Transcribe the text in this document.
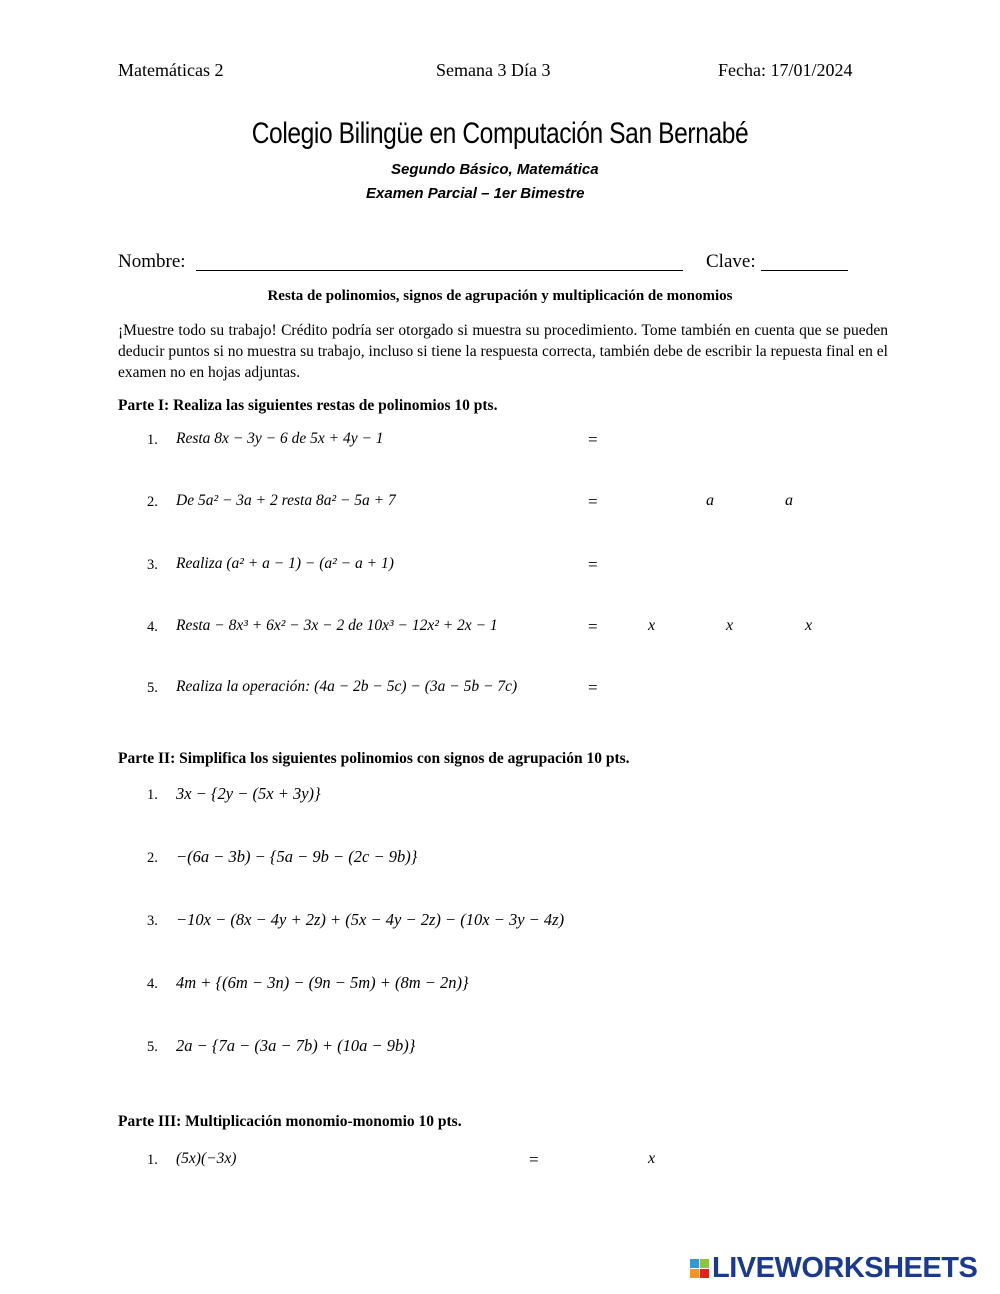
Matemáticas 2	Semana 3 Día 3	Fecha: 17/01/2024
Colegio Bilingüe en Computación San Bernabé
Segundo Básico, Matemática
Examen Parcial – 1er Bimestre
Nombre:	Clave:
Resta de polinomios, signos de agrupación y multiplicación de monomios
¡Muestre todo su trabajo! Crédito podría ser otorgado si muestra su procedimiento. Tome también en cuenta que se pueden deducir puntos si no muestra su trabajo, incluso si tiene la respuesta correcta, también debe de escribir la repuesta final en el examen no en hojas adjuntas.
Parte I: Realiza las siguientes restas de polinomios 10 pts.
1. Resta 8x − 3y − 6 de 5x + 4y − 1	=
2. De 5a² − 3a + 2 resta 8a² − 5a + 7	=	a	a
3. Realiza (a² + a − 1) − (a² − a + 1)	=
4. Resta − 8x³ + 6x² − 3x − 2 de 10x³ − 12x² + 2x − 1	=	x	x	x
5. Realiza la operación: (4a − 2b − 5c) − (3a − 5b − 7c)	=
Parte II: Simplifica los siguientes polinomios con signos de agrupación 10 pts.
1. 3x − {2y − (5x + 3y)}
2. −(6a − 3b) − {5a − 9b − (2c − 9b)}
3. −10x − (8x − 4y + 2z) + (5x − 4y − 2z) − (10x − 3y − 4z)
4. 4m + {(6m − 3n) − (9n − 5m) + (8m − 2n)}
5. 2a − {7a − (3a − 7b) + (10a − 9b)}
Parte III: Multiplicación monomio-monomio 10 pts.
1. (5x)(−3x)	=	x
LIVEWORKSHEETS
